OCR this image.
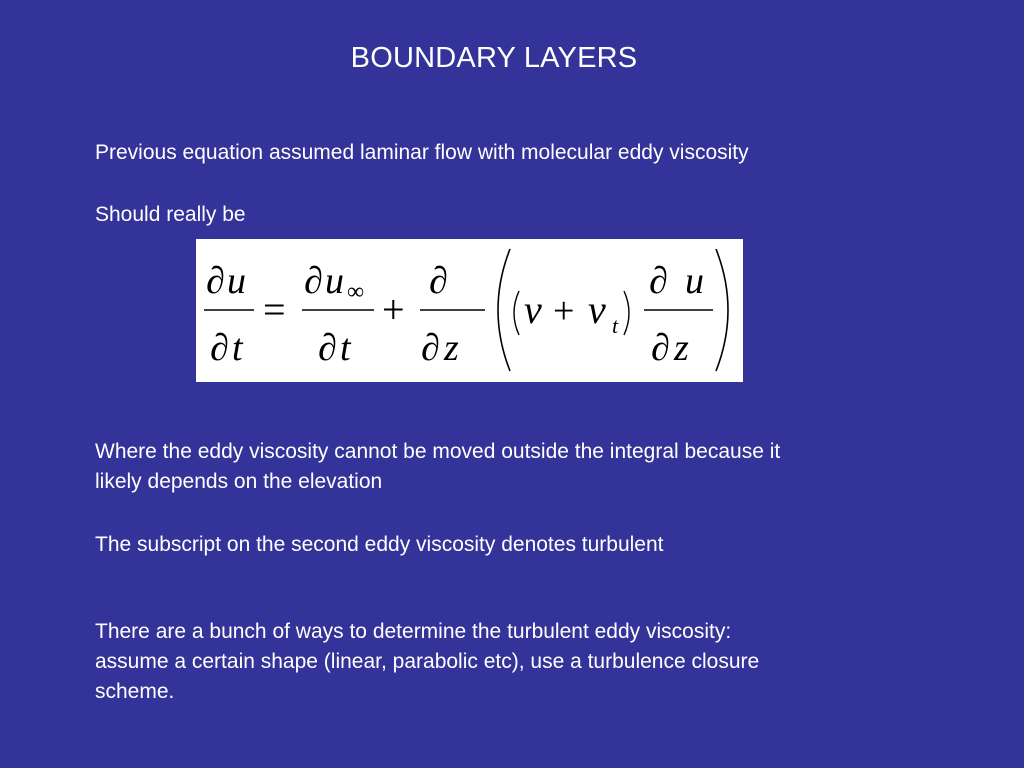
BOUNDARY LAYERS
Previous equation assumed laminar flow with molecular eddy viscosity
Should really be
∂ u
∂ t
=
∂ u ∞
∂ t
+
∂
∂ z
ν + ν t
∂ u
∂ z
Where the eddy viscosity cannot be moved outside the integral because it
likely depends on the elevation
The subscript on the second eddy viscosity denotes turbulent
There are a bunch of ways to determine the turbulent eddy viscosity:
assume a certain shape (linear, parabolic etc), use a turbulence closure
scheme.
